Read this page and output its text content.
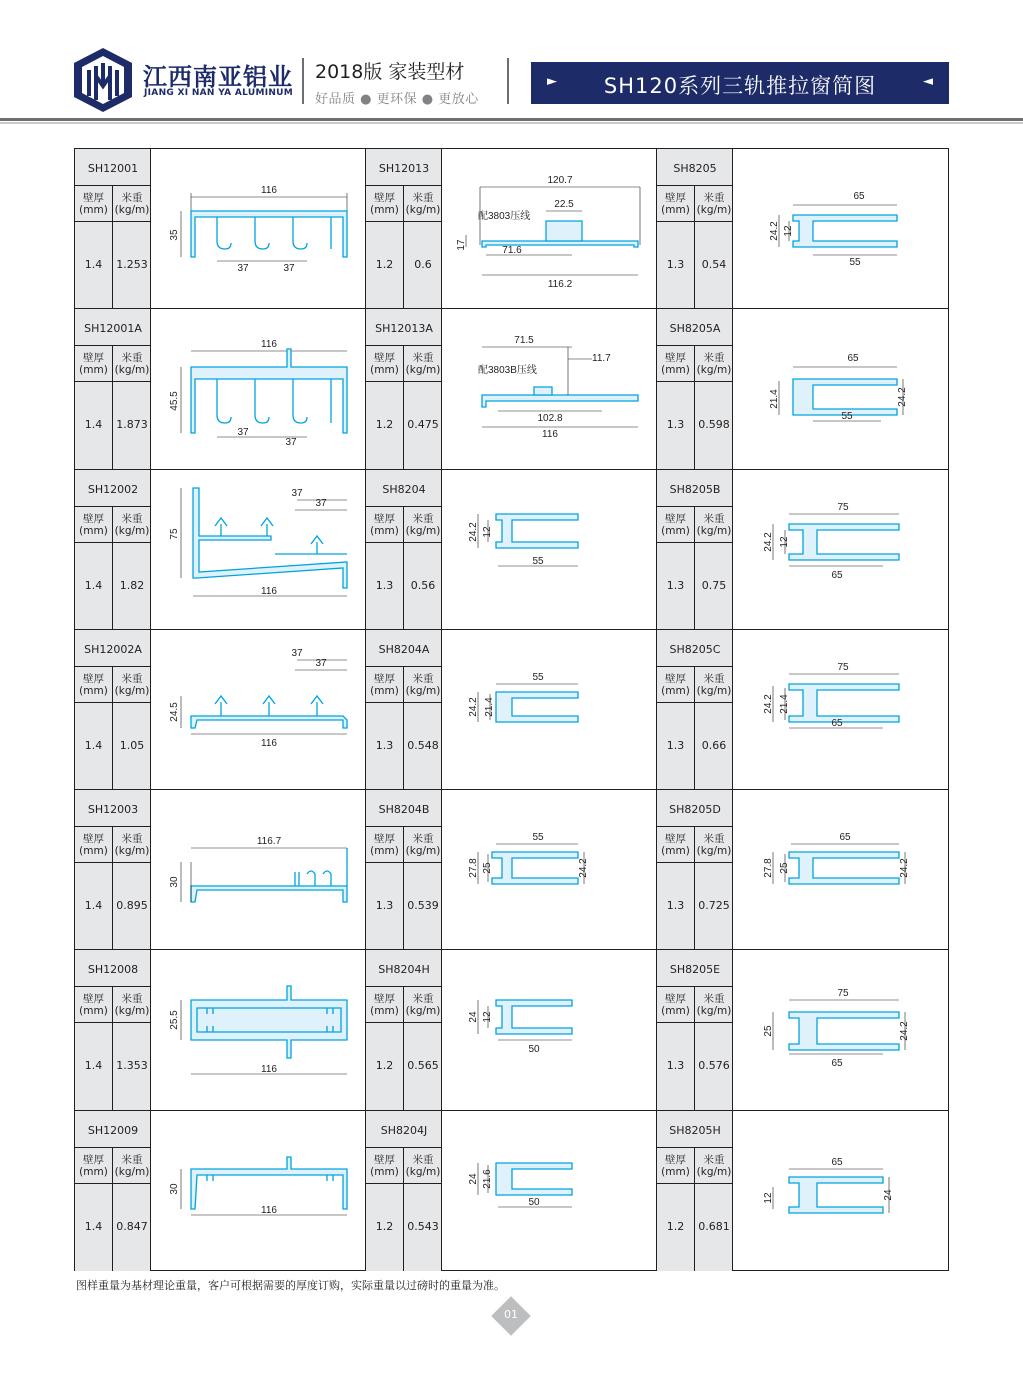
江西南亚铝业
JIANG XI NAN YA ALUMINUM
2018版 家装型材
好品质 ● 更环保 ● 更放心
►	SH120系列三轨推拉窗简图	◄
SH12001
壁厚
(mm)
米重
(kg/m)
1.4	1.253
116
35
37	37
SH12013
壁厚
(mm)
米重
(kg/m)
1.2	0.6
120.7
22.5
配3803压线
17	71.6
116.2
SH8205
壁厚
(mm)
米重
(kg/m)
1.3	0.54
65
24.2 12
55
SH12001A
壁厚
(mm)
米重
(kg/m)
1.4	1.873
116
45.5
37
37
SH12013A
壁厚
(mm)
米重
(kg/m)
1.2	0.475
71.5
11.7
配3803B压线
102.8
116
SH8205A
壁厚
(mm)
米重
(kg/m)
1.3	0.598
65
21.4	24.2
55
SH12002
壁厚
(mm)
米重
(kg/m)
1.4	1.82
37
37
75
116
SH8204
壁厚
(mm)
米重
(kg/m)
1.3	0.56
24.2 12
55
SH8205B
壁厚
(mm)
米重
(kg/m)
1.3	0.75
75
24.2 12
65
SH12002A
壁厚
(mm)
米重
(kg/m)
1.4	1.05
37
37
24.5
116
SH8204A
壁厚
(mm)
米重
(kg/m)
1.3	0.548
55
24.2 21.4
SH8205C
壁厚
(mm)
米重
(kg/m)
1.3	0.66
75
24.2 21.4
65
SH12003
壁厚
(mm)
米重
(kg/m)
1.4	0.895
116.7
30
SH8204B
壁厚
(mm)
米重
(kg/m)
1.3	0.539
55
27.8 25	24.2
SH8205D
壁厚
(mm)
米重
(kg/m)
1.3	0.725
65
27.8 25	24.2
SH12008
壁厚
(mm)
米重
(kg/m)
1.4	1.353
25.5
116
SH8204H
壁厚
(mm)
米重
(kg/m)
1.2	0.565
24 12
50
SH8205E
壁厚
(mm)
米重
(kg/m)
1.3	0.576
75
25	24.2
65
SH12009
壁厚
(mm)
米重
(kg/m)
1.4	0.847
30
116
SH8204J
壁厚
(mm)
米重
(kg/m)
1.2	0.543
24 21.6
50
SH8205H
壁厚
(mm)
米重
(kg/m)
1.2	0.681
65
12	24
图样重量为基材理论重量，客户可根据需要的厚度订购，实际重量以过磅时的重量为准。
01
